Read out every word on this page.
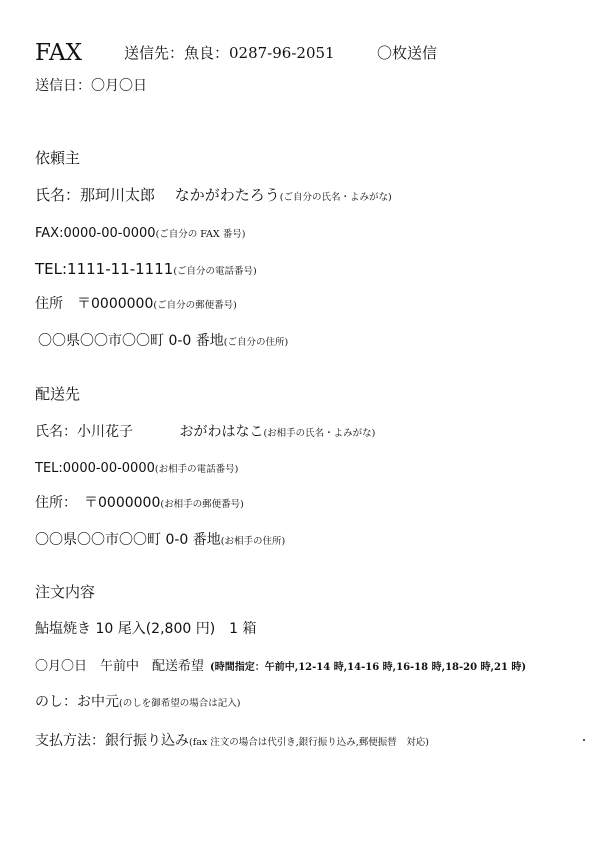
FAX	送信先：魚良：0287-96-2051	〇枚送信
送信日：〇月〇日
依頼主
氏名：那珂川太郎　 なかがわたろう(ご自分の氏名・よみがな)
FAX:0000-00-0000(ご自分の FAX 番号)
TEL:1111-11-1111(ご自分の電話番号)
住所　〒0000000(ご自分の郵便番号)
〇〇県〇〇市〇〇町 0-0 番地(ご自分の住所)
配送先
氏名：小川花子　　　 おがわはなこ(お相手の氏名・よみがな)
TEL:0000-00-0000(お相手の電話番号)
住所：　〒0000000(お相手の郵便番号)
〇〇県〇〇市〇〇町 0-0 番地(お相手の住所)
注文内容
鮎塩焼き 10 尾入(2,800 円)　1 箱
〇月〇日　午前中　配送希望 (時間指定：午前中,12-14 時,14-16 時,16-18 時,18-20 時,21 時)
のし：お中元(のしを御希望の場合は記入)
支払方法：銀行振り込み(fax 注文の場合は代引き,銀行振り込み,郵便振替　対応)
